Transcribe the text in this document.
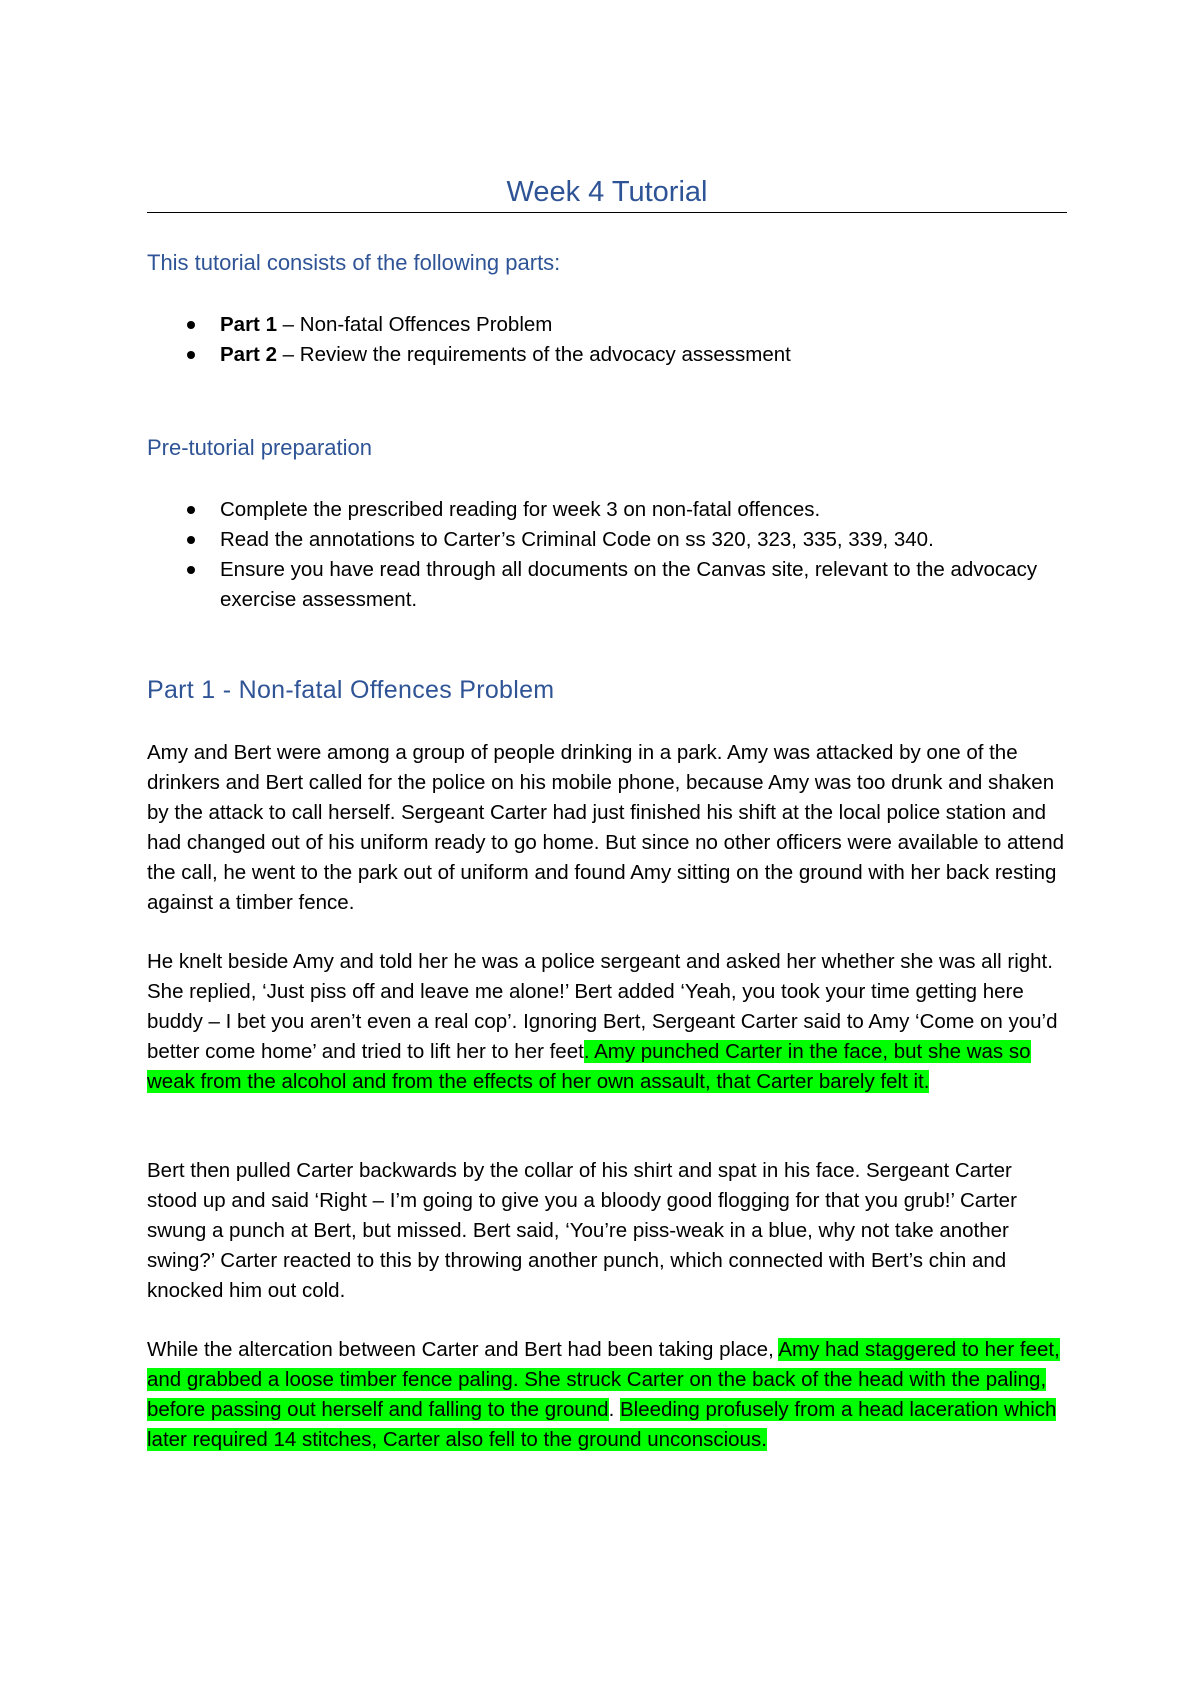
Week 4 Tutorial
This tutorial consists of the following parts:
Part 1 – Non-fatal Offences Problem
Part 2 – Review the requirements of the advocacy assessment
Pre-tutorial preparation
Complete the prescribed reading for week 3 on non-fatal offences.
Read the annotations to Carter’s Criminal Code on ss 320, 323, 335, 339, 340.
Ensure you have read through all documents on the Canvas site, relevant to the advocacy exercise assessment.
Part 1 - Non-fatal Offences Problem

Amy and Bert were among a group of people drinking in a park. Amy was attacked by one of the drinkers and Bert called for the police on his mobile phone, because Amy was too drunk and shaken by the attack to call herself. Sergeant Carter had just finished his shift at the local police station and had changed out of his uniform ready to go home. But since no other officers were available to attend the call, he went to the park out of uniform and found Amy sitting on the ground with her back resting against a timber fence.

He knelt beside Amy and told her he was a police sergeant and asked her whether she was all right. She replied, ‘Just piss off and leave me alone!’ Bert added ‘Yeah, you took your time getting here buddy – I bet you aren’t even a real cop’. Ignoring Bert, Sergeant Carter said to Amy ‘Come on you’d better come home’ and tried to lift her to her feet. Amy punched Carter in the face, but she was so weak from the alcohol and from the effects of her own assault, that Carter barely felt it.

Bert then pulled Carter backwards by the collar of his shirt and spat in his face. Sergeant Carter stood up and said ‘Right – I’m going to give you a bloody good flogging for that you grub!’ Carter swung a punch at Bert, but missed. Bert said, ‘You’re piss-weak in a blue, why not take another swing?’ Carter reacted to this by throwing another punch, which connected with Bert’s chin and knocked him out cold.

While the altercation between Carter and Bert had been taking place, Amy had staggered to her feet, and grabbed a loose timber fence paling. She struck Carter on the back of the head with the paling, before passing out herself and falling to the ground. Bleeding profusely from a head laceration which later required 14 stitches, Carter also fell to the ground unconscious.
